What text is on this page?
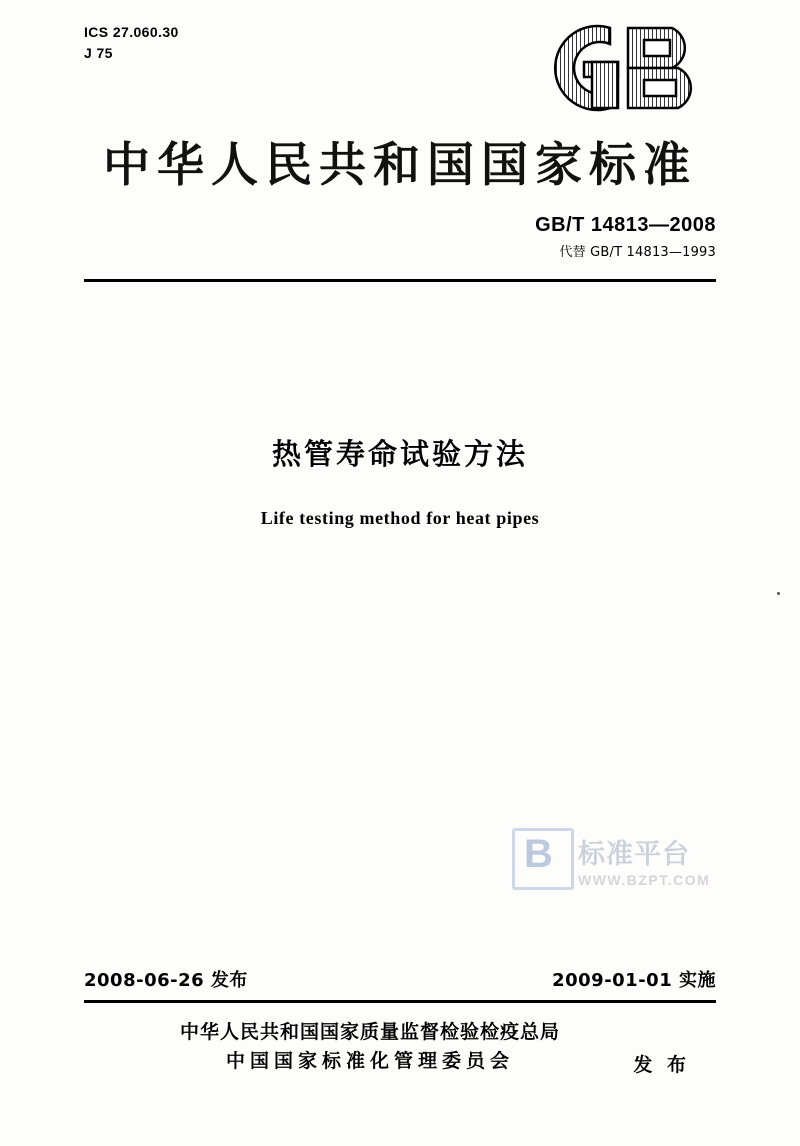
ICS 27.060.30
J 75
中华人民共和国国家标准
GB/T 14813—2008
代替 GB/T 14813—1993
热管寿命试验方法
Life testing method for heat pipes
B 标准平台
WWW.BZPT.COM
2008-06-26 发布	2009-01-01 实施
中华人民共和国国家质量监督检验检疫总局
中国国家标准化管理委员会	发 布
